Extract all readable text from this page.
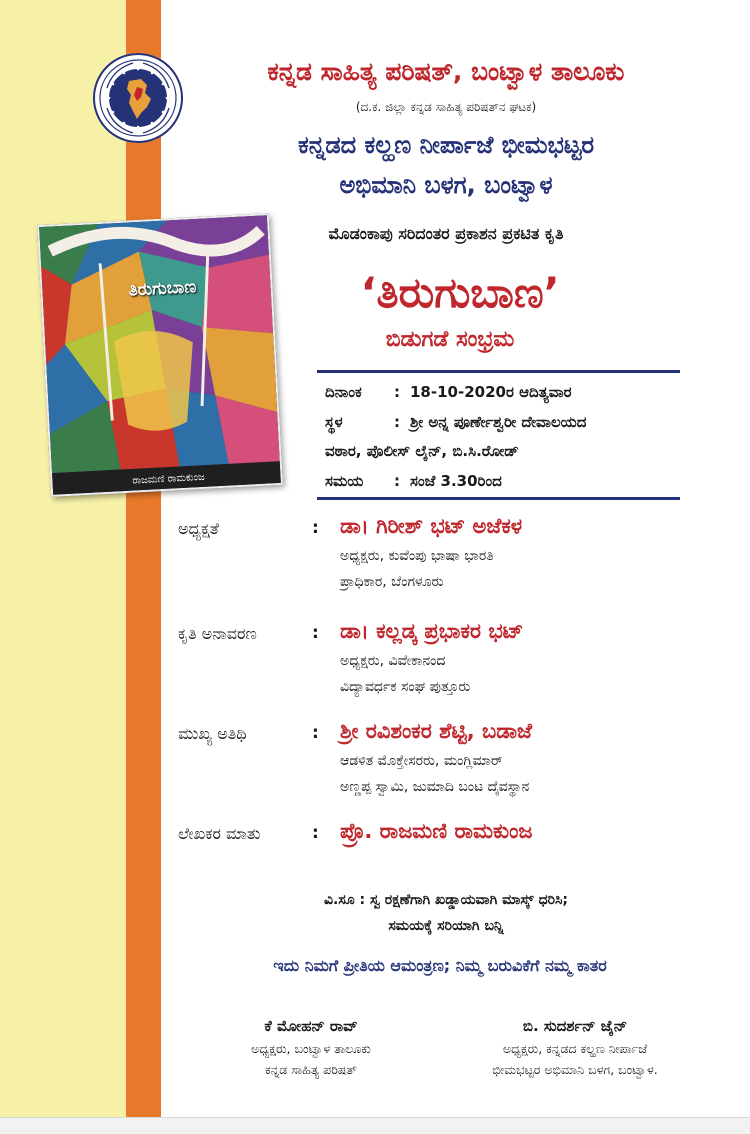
ಕನ್ನಡ ಸಾಹಿತ್ಯ ಪರಿಷತ್, ಬಂಟ್ವಾಳ ತಾಲೂಕು
(ದ.ಕ. ಜಿಲ್ಲಾ ಕನ್ನಡ ಸಾಹಿತ್ಯ ಪರಿಷತ್‌ನ ಘಟಕ)
ಕನ್ನಡದ ಕಲ್ಹಣ ನೀರ್ಪಾಜೆ ಭೀಮಭಟ್ಟರ
ಅಭಿಮಾನಿ ಬಳಗ, ಬಂಟ್ವಾಳ
ಮೊಡಂಕಾಪು ಸರಿದಂತರ ಪ್ರಕಾಶನ ಪ್ರಕಟಿತ ಕೃತಿ
ತಿರುಗುಬಾಣ
ರಾಜಮಣಿ ರಾಮಕುಂಜ
‘ತಿರುಗುಬಾಣ’
ಬಿಡುಗಡೆ ಸಂಭ್ರಮ
ದಿನಾಂಕ : 18-10-2020ರ ಆದಿತ್ಯವಾರ
ಸ್ಥಳ	: ಶ್ರೀ ಅನ್ನ ಪೂರ್ಣೇಶ್ವರೀ ದೇವಾಲಯದ
ವಠಾರ, ಪೊಲೀಸ್ ಲೈನ್, ಬಿ.ಸಿ.ರೋಡ್
ಸಮಯ : ಸಂಜೆ 3.30ರಿಂದ
ಅಧ್ಯಕ್ಷತೆ	: ಡಾ। ಗಿರೀಶ್ ಭಟ್ ಅಜೆಕಳ
ಅಧ್ಯಕ್ಷರು, ಕುವೆಂಪು ಭಾಷಾ ಭಾರತಿ
ಪ್ರಾಧಿಕಾರ, ಬೆಂಗಳೂರು
ಕೃತಿ ಅನಾವರಣ	: ಡಾ। ಕಲ್ಲಡ್ಕ ಪ್ರಭಾಕರ ಭಟ್
ಅಧ್ಯಕ್ಷರು, ವಿವೇಕಾನಂದ
ವಿದ್ಯಾವರ್ಧಕ ಸಂಘ ಪುತ್ತೂರು
ಮುಖ್ಯ ಅತಿಥಿ	: ಶ್ರೀ ರವಿಶಂಕರ ಶೆಟ್ಟಿ, ಬಡಾಜೆ
ಆಡಳಿತ ಮೊಕ್ತೇಸರರು, ಮಂಗ್ಲಿಮಾರ್
ಅಣ್ಣಪ್ಪ ಸ್ವಾಮಿ, ಜುಮಾದಿ ಬಂಟ ದೈವಸ್ಥಾನ
ಲೇಖಕರ ಮಾತು	: ಪ್ರೊ. ರಾಜಮಣಿ ರಾಮಕುಂಜ
ವಿ.ಸೂ : ಸ್ವ ರಕ್ಷಣೆಗಾಗಿ ಖಡ್ಡಾಯವಾಗಿ ಮಾಸ್ಕ್ ಧರಿಸಿ;
ಸಮಯಕ್ಕೆ ಸರಿಯಾಗಿ ಬನ್ನಿ
ಇದು ನಿಮಗೆ ಪ್ರೀತಿಯ ಆಮಂತ್ರಣ; ನಿಮ್ಮ ಬರುವಿಕೆಗೆ ನಮ್ಮ ಕಾತರ
ಕೆ ಮೋಹನ್ ರಾವ್
ಅಧ್ಯಕ್ಷರು, ಬಂಟ್ವಾಳ ತಾಲೂಕು
ಕನ್ನಡ ಸಾಹಿತ್ಯ ಪರಿಷತ್
ಬಿ. ಸುದರ್ಶನ್ ಜೈನ್
ಅಧ್ಯಕ್ಷರು, ಕನ್ನಡದ ಕಲ್ಹಣ ನೀರ್ಪಾಜೆ
ಭೀಮಭಟ್ಟರ ಅಭಿಮಾನಿ ಬಳಗ, ಬಂಟ್ವಾಳ.
